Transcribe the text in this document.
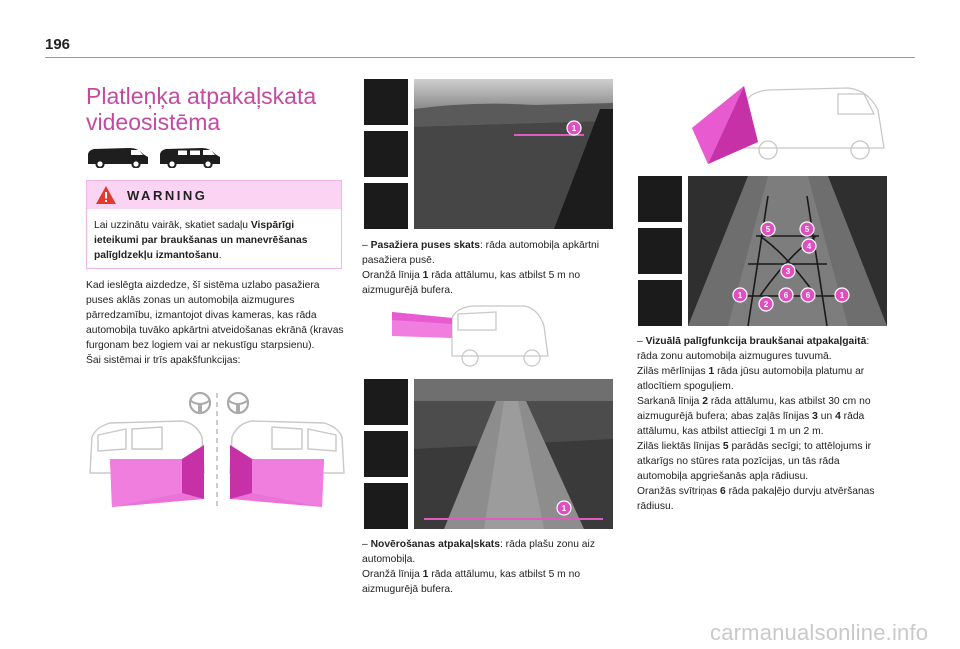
196
Platleņķa atpakaļskata videosistēma
WARNING
Lai uzzinātu vairāk, skatiet sadaļu Vispārīgi ieteikumi par braukšanas un manevrēšanas palīgldzekļu izmantošanu.

Kad ieslēgta aizdedze, šī sistēma uzlabo pasažiera puses aklās zonas un automobiļa aizmugures pārredzamību, izmantojot divas kameras, kas rāda automobiļa tuvāko apkārtni atveidošanas ekrānā (kravas furgonam bez logiem vai ar nekustīgu starpsienu).

Šai sistēmai ir trīs apakšfunkcijas:

1

– Pasažiera puses skats: rāda automobiļa apkārtni pasažiera pusē.

Oranžā līnija 1 rāda attālumu, kas atbilst 5 m no aizmugurējā bufera.

1

– Novērošanas atpakaļskats: rāda plašu zonu aiz automobiļa.

Oranžā līnija 1 rāda attālumu, kas atbilst 5 m no aizmugurējā bufera.

5	5
4
3
1	6 6	1
2

– Vizuālā palīgfunkcija braukšanai atpakaļgaitā: rāda zonu automobiļa aizmugures tuvumā.

Zilās mērlīnijas 1 rāda jūsu automobiļa platumu ar atlocītiem spoguļiem.

Sarkanā līnija 2 rāda attālumu, kas atbilst 30 cm no aizmugurējā bufera; abas zaļās līnijas 3 un 4 rāda attālumu, kas atbilst attiecīgi 1 m un 2 m.

Zilās liektās līnijas 5 parādās secīgi; to attēlojums ir atkarīgs no stūres rata pozīcijas, un tās rāda automobiļa apgriešanās apļa rādiusu.

Oranžās svītriņas 6 rāda pakaļējo durvju atvēršanas rādiusu.

carmanualsonline.info
